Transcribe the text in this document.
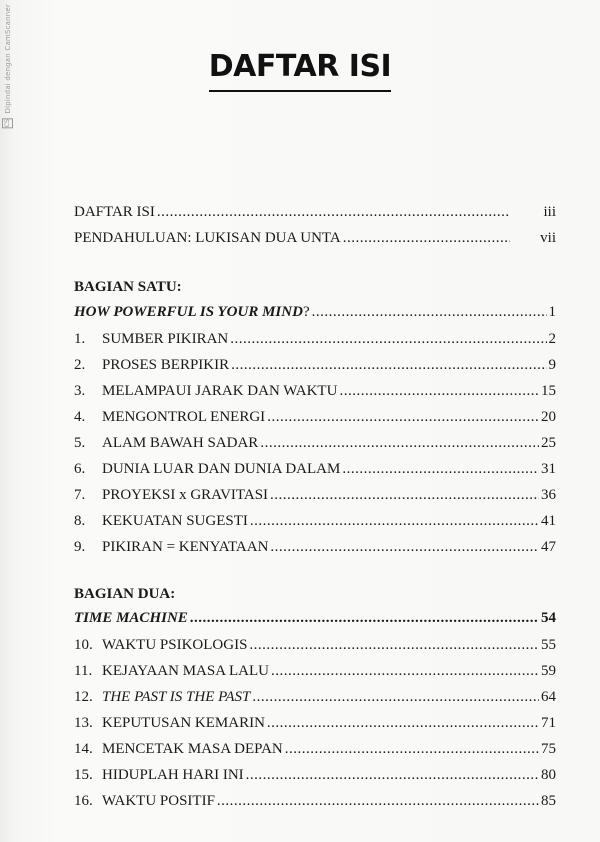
CS Dipindai dengan CamScanner	DAFTAR ISI
DAFTAR ISI .....	iii
PENDAHULUAN: LUKISAN DUA UNTA .....	vii
BAGIAN SATU:
HOW POWERFUL IS YOUR MIND? .....	1
1.	SUMBER PIKIRAN .....	2
2.	PROSES BERPIKIR .....	9
3.	MELAMPAUI JARAK DAN WAKTU .....	15
4.	MENGONTROL ENERGI .....	20
5.	ALAM BAWAH SADAR .....	25
6.	DUNIA LUAR DAN DUNIA DALAM .....	31
7.	PROYEKSI x GRAVITASI .....	36
8.	KEKUATAN SUGESTI .....	41
9.	PIKIRAN = KENYATAAN .....	47
BAGIAN DUA:
TIME MACHINE .....	54
10. WAKTU PSIKOLOGIS .....	55
11. KEJAYAAN MASA LALU .....	59
12. THE PAST IS THE PAST .....	64
13. KEPUTUSAN KEMARIN .....	71
14. MENCETAK MASA DEPAN .....	75
15. HIDUPLAH HARI INI .....	80
16. WAKTU POSITIF .....	85
